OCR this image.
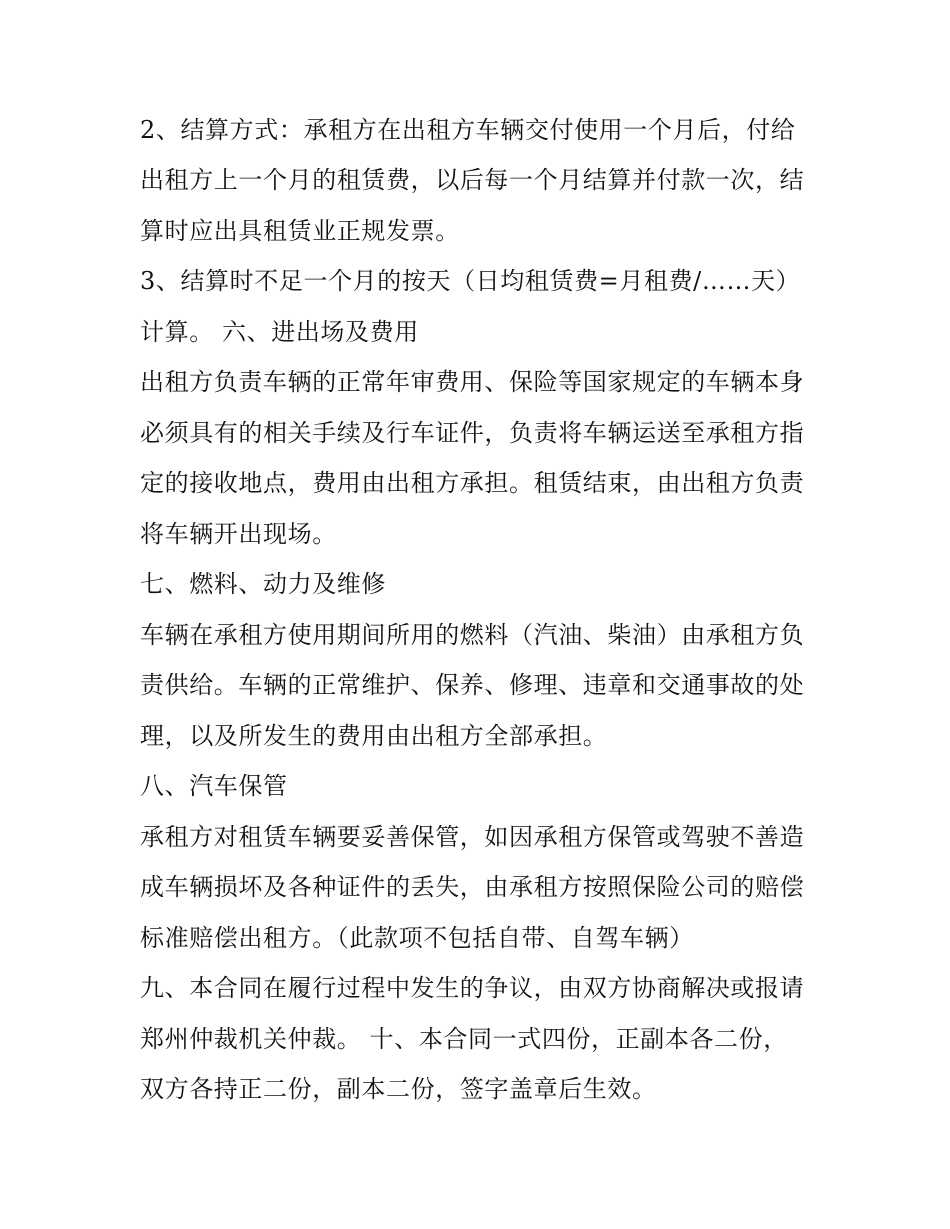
2、结算方式：承租方在出租方车辆交付使用一个月后，付给
出租方上一个月的租赁费，以后每一个月结算并付款一次，结
算时应出具租赁业正规发票。
3、结算时不足一个月的按天（日均租赁费=月租费/……天）
计算。 六、进出场及费用
出租方负责车辆的正常年审费用、保险等国家规定的车辆本身
必须具有的相关手续及行车证件，负责将车辆运送至承租方指
定的接收地点，费用由出租方承担。租赁结束，由出租方负责
将车辆开出现场。
七、燃料、动力及维修
车辆在承租方使用期间所用的燃料（汽油、柴油）由承租方负
责供给。车辆的正常维护、保养、修理、违章和交通事故的处
理，以及所发生的费用由出租方全部承担。
八、汽车保管
承租方对租赁车辆要妥善保管，如因承租方保管或驾驶不善造
成车辆损坏及各种证件的丢失，由承租方按照保险公司的赔偿
标准赔偿出租方。（此款项不包括自带、自驾车辆）
九、本合同在履行过程中发生的争议，由双方协商解决或报请
郑州仲裁机关仲裁。 十、本合同一式四份，正副本各二份，
双方各持正二份，副本二份，签字盖章后生效。
